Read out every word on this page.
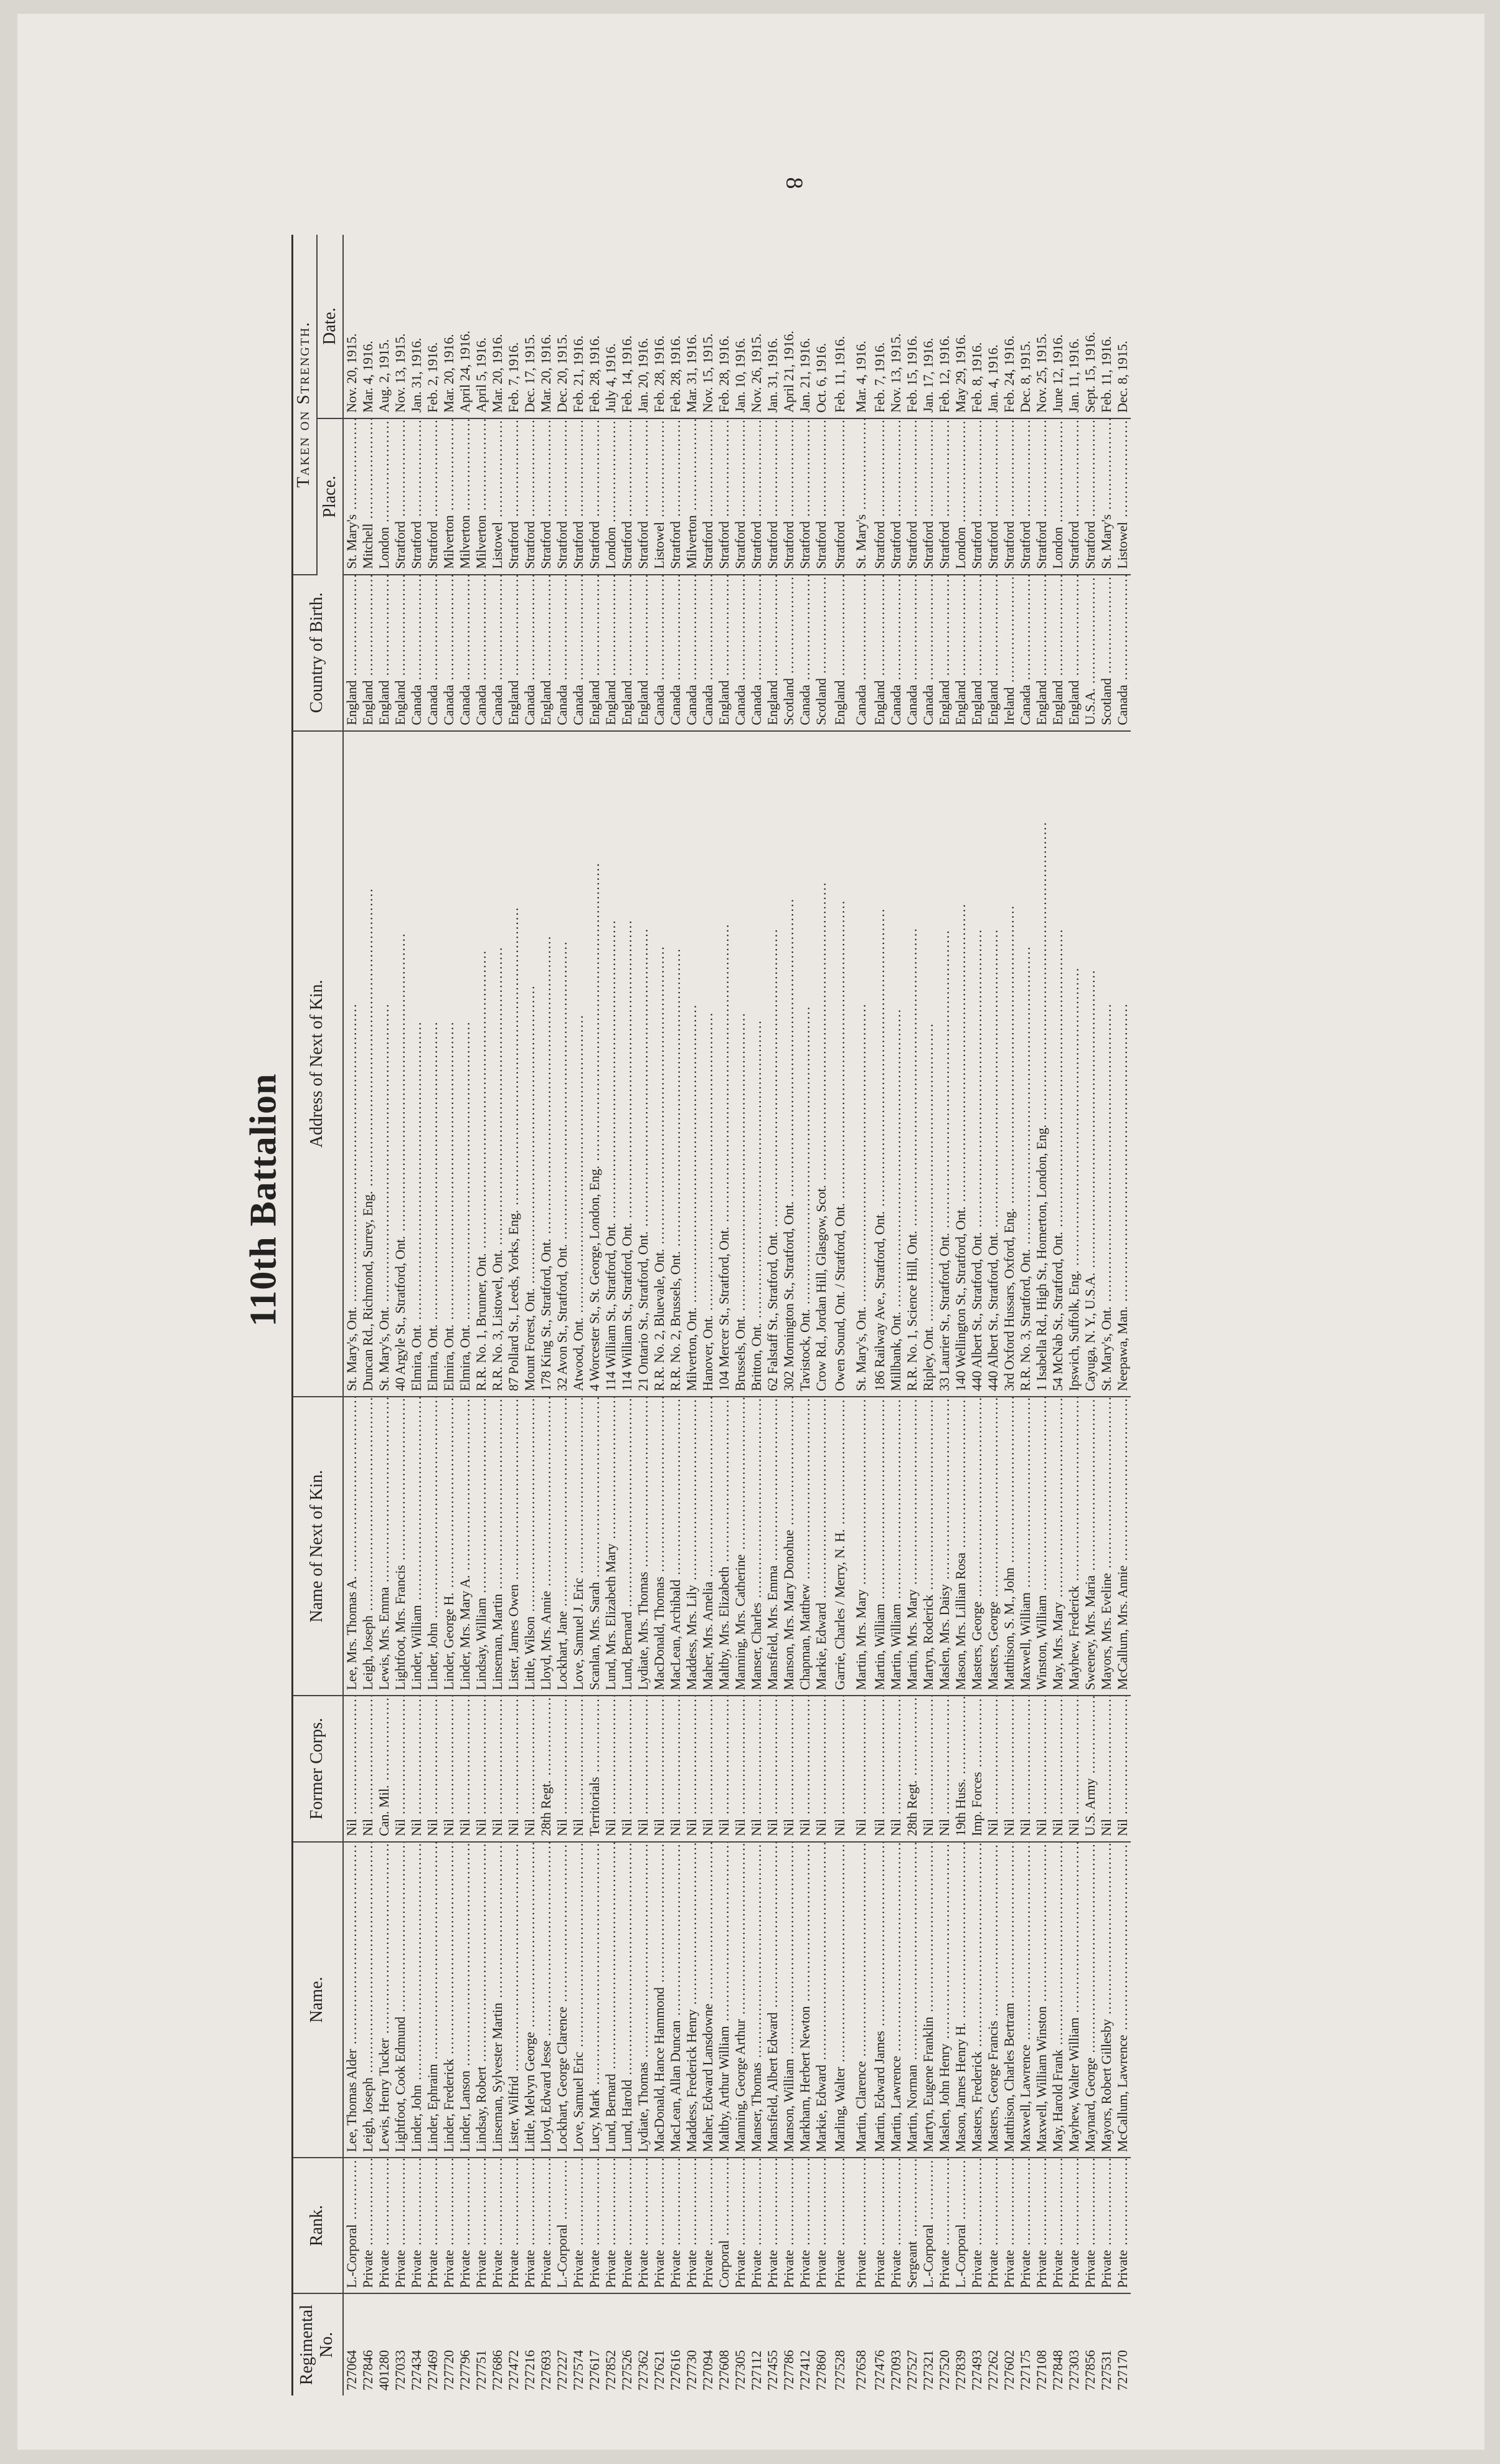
8
110th Battalion
Regimental No.	Rank.	Name.	Former Corps.	Name of Next of Kin.	Address of Next of Kin.	Country of Birth.	Taken on Strength.	
							Place.	Date.
727064	L.-Corporal .....	Lee, Thomas Alder .....	Nil .....	Lee, Mrs. Thomas A. .....	St. Mary's, Ont. .....	England .....	St. Mary's .....	Nov. 20, 1915.
727846	Private .....	Leigh, Joseph .....	Nil .....	Leigh, Joseph .....	Duncan Rd., Richmond, Surrey, Eng. .....	England .....	Mitchell .....	Mar. 4, 1916.
401280	Private .....	Lewis, Henry Tucker .....	Can. Mil. .....	Lewis, Mrs. Emma .....	St. Mary's, Ont. .....	England .....	London .....	Aug. 2, 1915.
727033	Private .....	Lightfoot, Cook Edmund .....	Nil .....	Lightfoot, Mrs. Francis .....	40 Argyle St., Stratford, Ont. .....	England .....	Stratford .....	Nov. 13, 1915.
727434	Private .....	Linder, John .....	Nil .....	Linder, William .....	Elmira, Ont. .....	Canada .....	Stratford .....	Jan. 31, 1916.
727469	Private .....	Linder, Ephraim .....	Nil .....	Linder, John .....	Elmira, Ont. .....	Canada .....	Stratford .....	Feb. 2, 1916.
727720	Private .....	Linder, Frederick .....	Nil .....	Linder, George H. .....	Elmira, Ont. .....	Canada .....	Milverton .....	Mar. 20, 1916.
727796	Private .....	Linder, Lanson .....	Nil .....	Linder, Mrs. Mary A. .....	Elmira, Ont. .....	Canada .....	Milverton .....	April 24, 1916.
727751	Private .....	Lindsay, Robert .....	Nil .....	Lindsay, William .....	R.R. No. 1, Brunner, Ont. .....	Canada .....	Milverton .....	April 5, 1916.
727686	Private .....	Linseman, Sylvester Martin .....	Nil .....	Linseman, Martin .....	R.R. No. 3, Listowel, Ont. .....	Canada .....	Listowel .....	Mar. 20, 1916.
727472	Private .....	Lister, Wilfrid .....	Nil .....	Lister, James Owen .....	87 Pollard St., Leeds, Yorks, Eng. .....	England .....	Stratford .....	Feb. 7, 1916.
727216	Private .....	Little, Melvyn George .....	Nil .....	Little, Wilson .....	Mount Forest, Ont. .....	Canada .....	Stratford .....	Dec. 17, 1915.
727693	Private .....	Lloyd, Edward Jesse .....	28th Regt. .....	Lloyd, Mrs. Annie .....	178 King St., Stratford, Ont. .....	England .....	Stratford .....	Mar. 20, 1916.
727227	L.-Corporal .....	Lockhart, George Clarence .....	Nil .....	Lockhart, Jane .....	32 Avon St., Stratford, Ont. .....	Canada .....	Stratford .....	Dec. 20, 1915.
727574	Private .....	Love, Samuel Eric .....	Nil .....	Love, Samuel J. Eric .....	Atwood, Ont. .....	Canada .....	Stratford .....	Feb. 21, 1916.
727617	Private .....	Lucy, Mark .....	Territorials .....	Scanlan, Mrs. Sarah .....	4 Worcester St., St. George, London, Eng. .....	England .....	Stratford .....	Feb. 28, 1916.
727852	Private .....	Lund, Bernard .....	Nil .....	Lund, Mrs. Elizabeth Mary .....	114 William St., Stratford, Ont. .....	England .....	London .....	July 4, 1916.
727526	Private .....	Lund, Harold .....	Nil .....	Lund, Bernard .....	114 William St., Stratford, Ont. .....	England .....	Stratford .....	Feb. 14, 1916.
727362	Private .....	Lydiate, Thomas .....	Nil .....	Lydiate, Mrs. Thomas .....	21 Ontario St., Stratford, Ont. .....	England .....	Stratford .....	Jan. 20, 1916.
727621	Private .....	MacDonald, Hance Hammond .....	Nil .....	MacDonald, Thomas .....	R.R. No. 2, Bluevale, Ont. .....	Canada .....	Listowel .....	Feb. 28, 1916.
727616	Private .....	MacLean, Allan Duncan .....	Nil .....	MacLean, Archibald .....	R.R. No. 2, Brussels, Ont. .....	Canada .....	Stratford .....	Feb. 28, 1916.
727730	Private .....	Maddess, Frederick Henry .....	Nil .....	Maddess, Mrs. Lily .....	Milverton, Ont. .....	Canada .....	Milverton .....	Mar. 31, 1916.
727094	Private .....	Maher, Edward Lansdowne .....	Nil .....	Maher, Mrs. Amelia .....	Hanover, Ont. .....	Canada .....	Stratford .....	Nov. 15, 1915.
727608	Corporal .....	Maltby, Arthur William .....	Nil .....	Maltby, Mrs. Elizabeth .....	104 Mercer St., Stratford, Ont. .....	England .....	Stratford .....	Feb. 28, 1916.
727305	Private .....	Manning, George Arthur .....	Nil .....	Manning, Mrs. Catherine .....	Brussels, Ont. .....	Canada .....	Stratford .....	Jan. 10, 1916.
727112	Private .....	Manser, Thomas .....	Nil .....	Manser, Charles .....	Britton, Ont. .....	Canada .....	Stratford .....	Nov. 26, 1915.
727455	Private .....	Mansfield, Albert Edward .....	Nil .....	Mansfield, Mrs. Emma .....	62 Falstaff St., Stratford, Ont. .....	England .....	Stratford .....	Jan. 31, 1916.
727786	Private .....	Manson, William .....	Nil .....	Manson, Mrs. Mary Donohue .....	302 Mornington St., Stratford, Ont. .....	Scotland .....	Stratford .....	April 21, 1916.
727412	Private .....	Markham, Herbert Newton .....	Nil .....	Chapman, Matthew .....	Tavistock, Ont. .....	Canada .....	Stratford .....	Jan. 21, 1916.
727860	Private .....	Markie, Edward .....	Nil .....	Markie, Edward .....	Crow Rd., Jordan Hill, Glasgow, Scot. .....	Scotland .....	Stratford .....	Oct. 6, 1916.
727528	Private .....	Marling, Walter .....	Nil .....	Garrie, Charles / Merry, N. H. .....	Owen Sound, Ont. / Stratford, Ont. .....	England .....	Stratford .....	Feb. 11, 1916.
727658	Private .....	Martin, Clarence .....	Nil .....	Martin, Mrs. Mary .....	St. Mary's, Ont. .....	Canada .....	St. Mary's .....	Mar. 4, 1916.
727476	Private .....	Martin, Edward James .....	Nil .....	Martin, William .....	186 Railway Ave., Stratford, Ont. .....	England .....	Stratford .....	Feb. 7, 1916.
727093	Private .....	Martin, Lawrence .....	Nil .....	Martin, William .....	Millbank, Ont. .....	Canada .....	Stratford .....	Nov. 13, 1915.
727527	Sergeant .....	Martin, Norman .....	28th Regt. .....	Martin, Mrs. Mary .....	R.R. No. 1, Science Hill, Ont. .....	Canada .....	Stratford .....	Feb. 15, 1916.
727321	L.-Corporal .....	Martyn, Eugene Franklin .....	Nil .....	Martyn, Roderick .....	Ripley, Ont. .....	Canada .....	Stratford .....	Jan. 17, 1916.
727520	Private .....	Maslen, John Henry .....	Nil .....	Maslen, Mrs. Daisy .....	33 Laurier St., Stratford, Ont. .....	England .....	Stratford .....	Feb. 12, 1916.
727839	L.-Corporal .....	Mason, James Henry H. .....	19th Huss. .....	Mason, Mrs. Lillian Rosa .....	140 Wellington St., Stratford, Ont. .....	England .....	London .....	May 29, 1916.
727493	Private .....	Masters, Frederick .....	Imp. Forces .....	Masters, George .....	440 Albert St., Stratford, Ont. .....	England .....	Stratford .....	Feb. 8, 1916.
727262	Private .....	Masters, George Francis .....	Nil .....	Masters, George .....	440 Albert St., Stratford, Ont. .....	England .....	Stratford .....	Jan. 4, 1916.
727602	Private .....	Matthison, Charles Bertram .....	Nil .....	Matthison, S. M., John .....	3rd Oxford Hussars, Oxford, Eng. .....	Ireland .....	Stratford .....	Feb. 24, 1916.
727175	Private .....	Maxwell, Lawrence .....	Nil .....	Maxwell, William .....	R.R. No. 3, Stratford, Ont. .....	Canada .....	Stratford .....	Dec. 8, 1915.
727108	Private .....	Maxwell, William Winston .....	Nil .....	Winston, William .....	1 Isabella Rd., High St., Homerton, London, Eng. .....	England .....	Stratford .....	Nov. 25, 1915.
727848	Private .....	May, Harold Frank .....	Nil .....	May, Mrs. Mary .....	54 McNab St., Stratford, Ont. .....	England .....	London .....	June 12, 1916.
727303	Private .....	Mayhew, Walter William .....	Nil .....	Mayhew, Frederick .....	Ipswich, Suffolk, Eng. .....	England .....	Stratford .....	Jan. 11, 1916.
727856	Private .....	Maynard, George .....	U.S. Army .....	Sweeney, Mrs. Maria .....	Cayuga, N. Y., U.S.A. .....	U.S.A. .....	Stratford .....	Sept. 15, 1916.
727531	Private .....	Mayors, Robert Gillesby .....	Nil .....	Mayors, Mrs. Eveline .....	St. Mary's, Ont. .....	Scotland .....	St. Mary's .....	Feb. 11, 1916.
727170	Private .....	McCallum, Lawrence .....	Nil .....	McCallum, Mrs. Annie .....	Neepawa, Man. .....	Canada .....	Listowel .....	Dec. 8, 1915.
